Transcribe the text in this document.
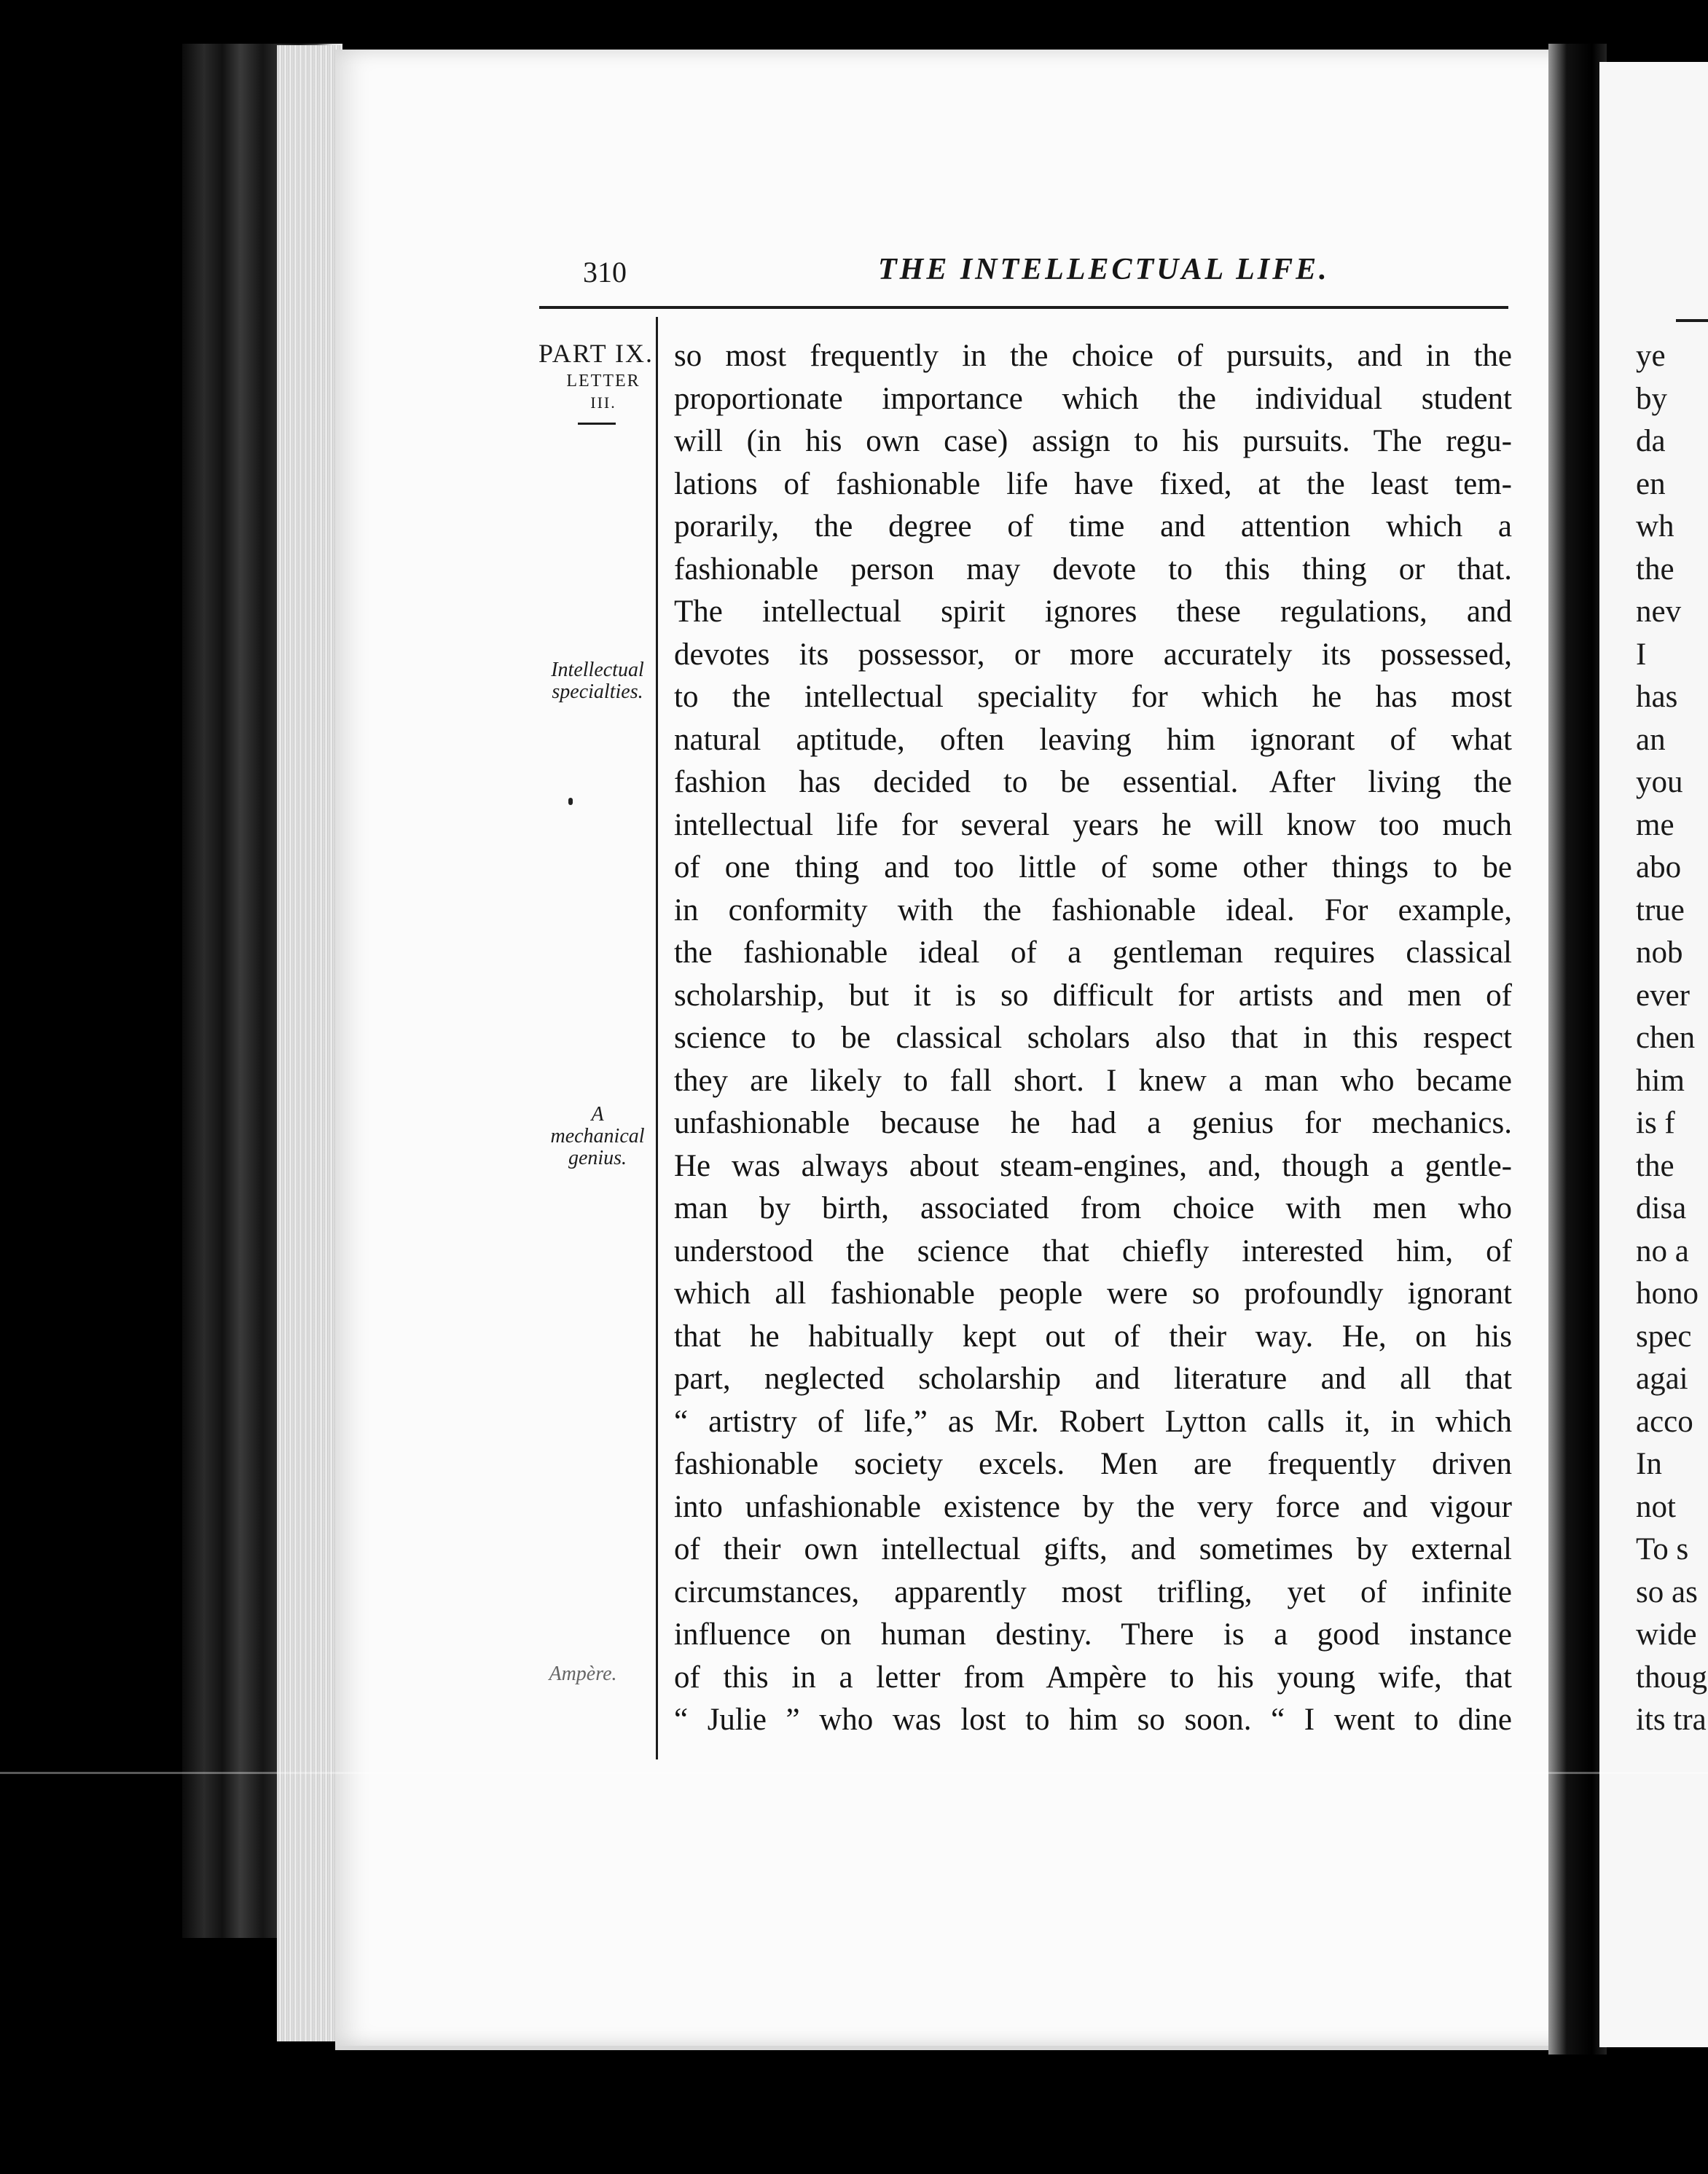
310	THE INTELLECTUAL LIFE.
PART IX.
LETTER
III.
Intellectual
specialties.
A
mechanical
genius.
Ampère.
so most frequently in the choice of pursuits, and in the
proportionate importance which the individual student
will (in his own case) assign to his pursuits. The regu-
lations of fashionable life have fixed, at the least tem-
porarily, the degree of time and attention which a
fashionable person may devote to this thing or that.
The intellectual spirit ignores these regulations, and
devotes its possessor, or more accurately its possessed,
to the intellectual speciality for which he has most
natural aptitude, often leaving him ignorant of what
fashion has decided to be essential. After living the
intellectual life for several years he will know too much
of one thing and too little of some other things to be
in conformity with the fashionable ideal. For example,
the fashionable ideal of a gentleman requires classical
scholarship, but it is so difficult for artists and men of
science to be classical scholars also that in this respect
they are likely to fall short. I knew a man who became
unfashionable because he had a genius for mechanics.
He was always about steam-engines, and, though a gentle-
man by birth, associated from choice with men who
understood the science that chiefly interested him, of
which all fashionable people were so profoundly ignorant
that he habitually kept out of their way. He, on his
part, neglected scholarship and literature and all that
“ artistry of life,” as Mr. Robert Lytton calls it, in which
fashionable society excels. Men are frequently driven
into unfashionable existence by the very force and vigour
of their own intellectual gifts, and sometimes by external
circumstances, apparently most trifling, yet of infinite
influence on human destiny. There is a good instance
of this in a letter from Ampère to his young wife, that
“ Julie ” who was lost to him so soon. “ I went to dine
ye
by
da
en
wh
the
nev
I
has
an
you
me
abo
true
nob
ever
chen
him
is f
the
disa
no a
hono
spec
agai
acco
In
not
To s
so as
wide
thoug
its tra
